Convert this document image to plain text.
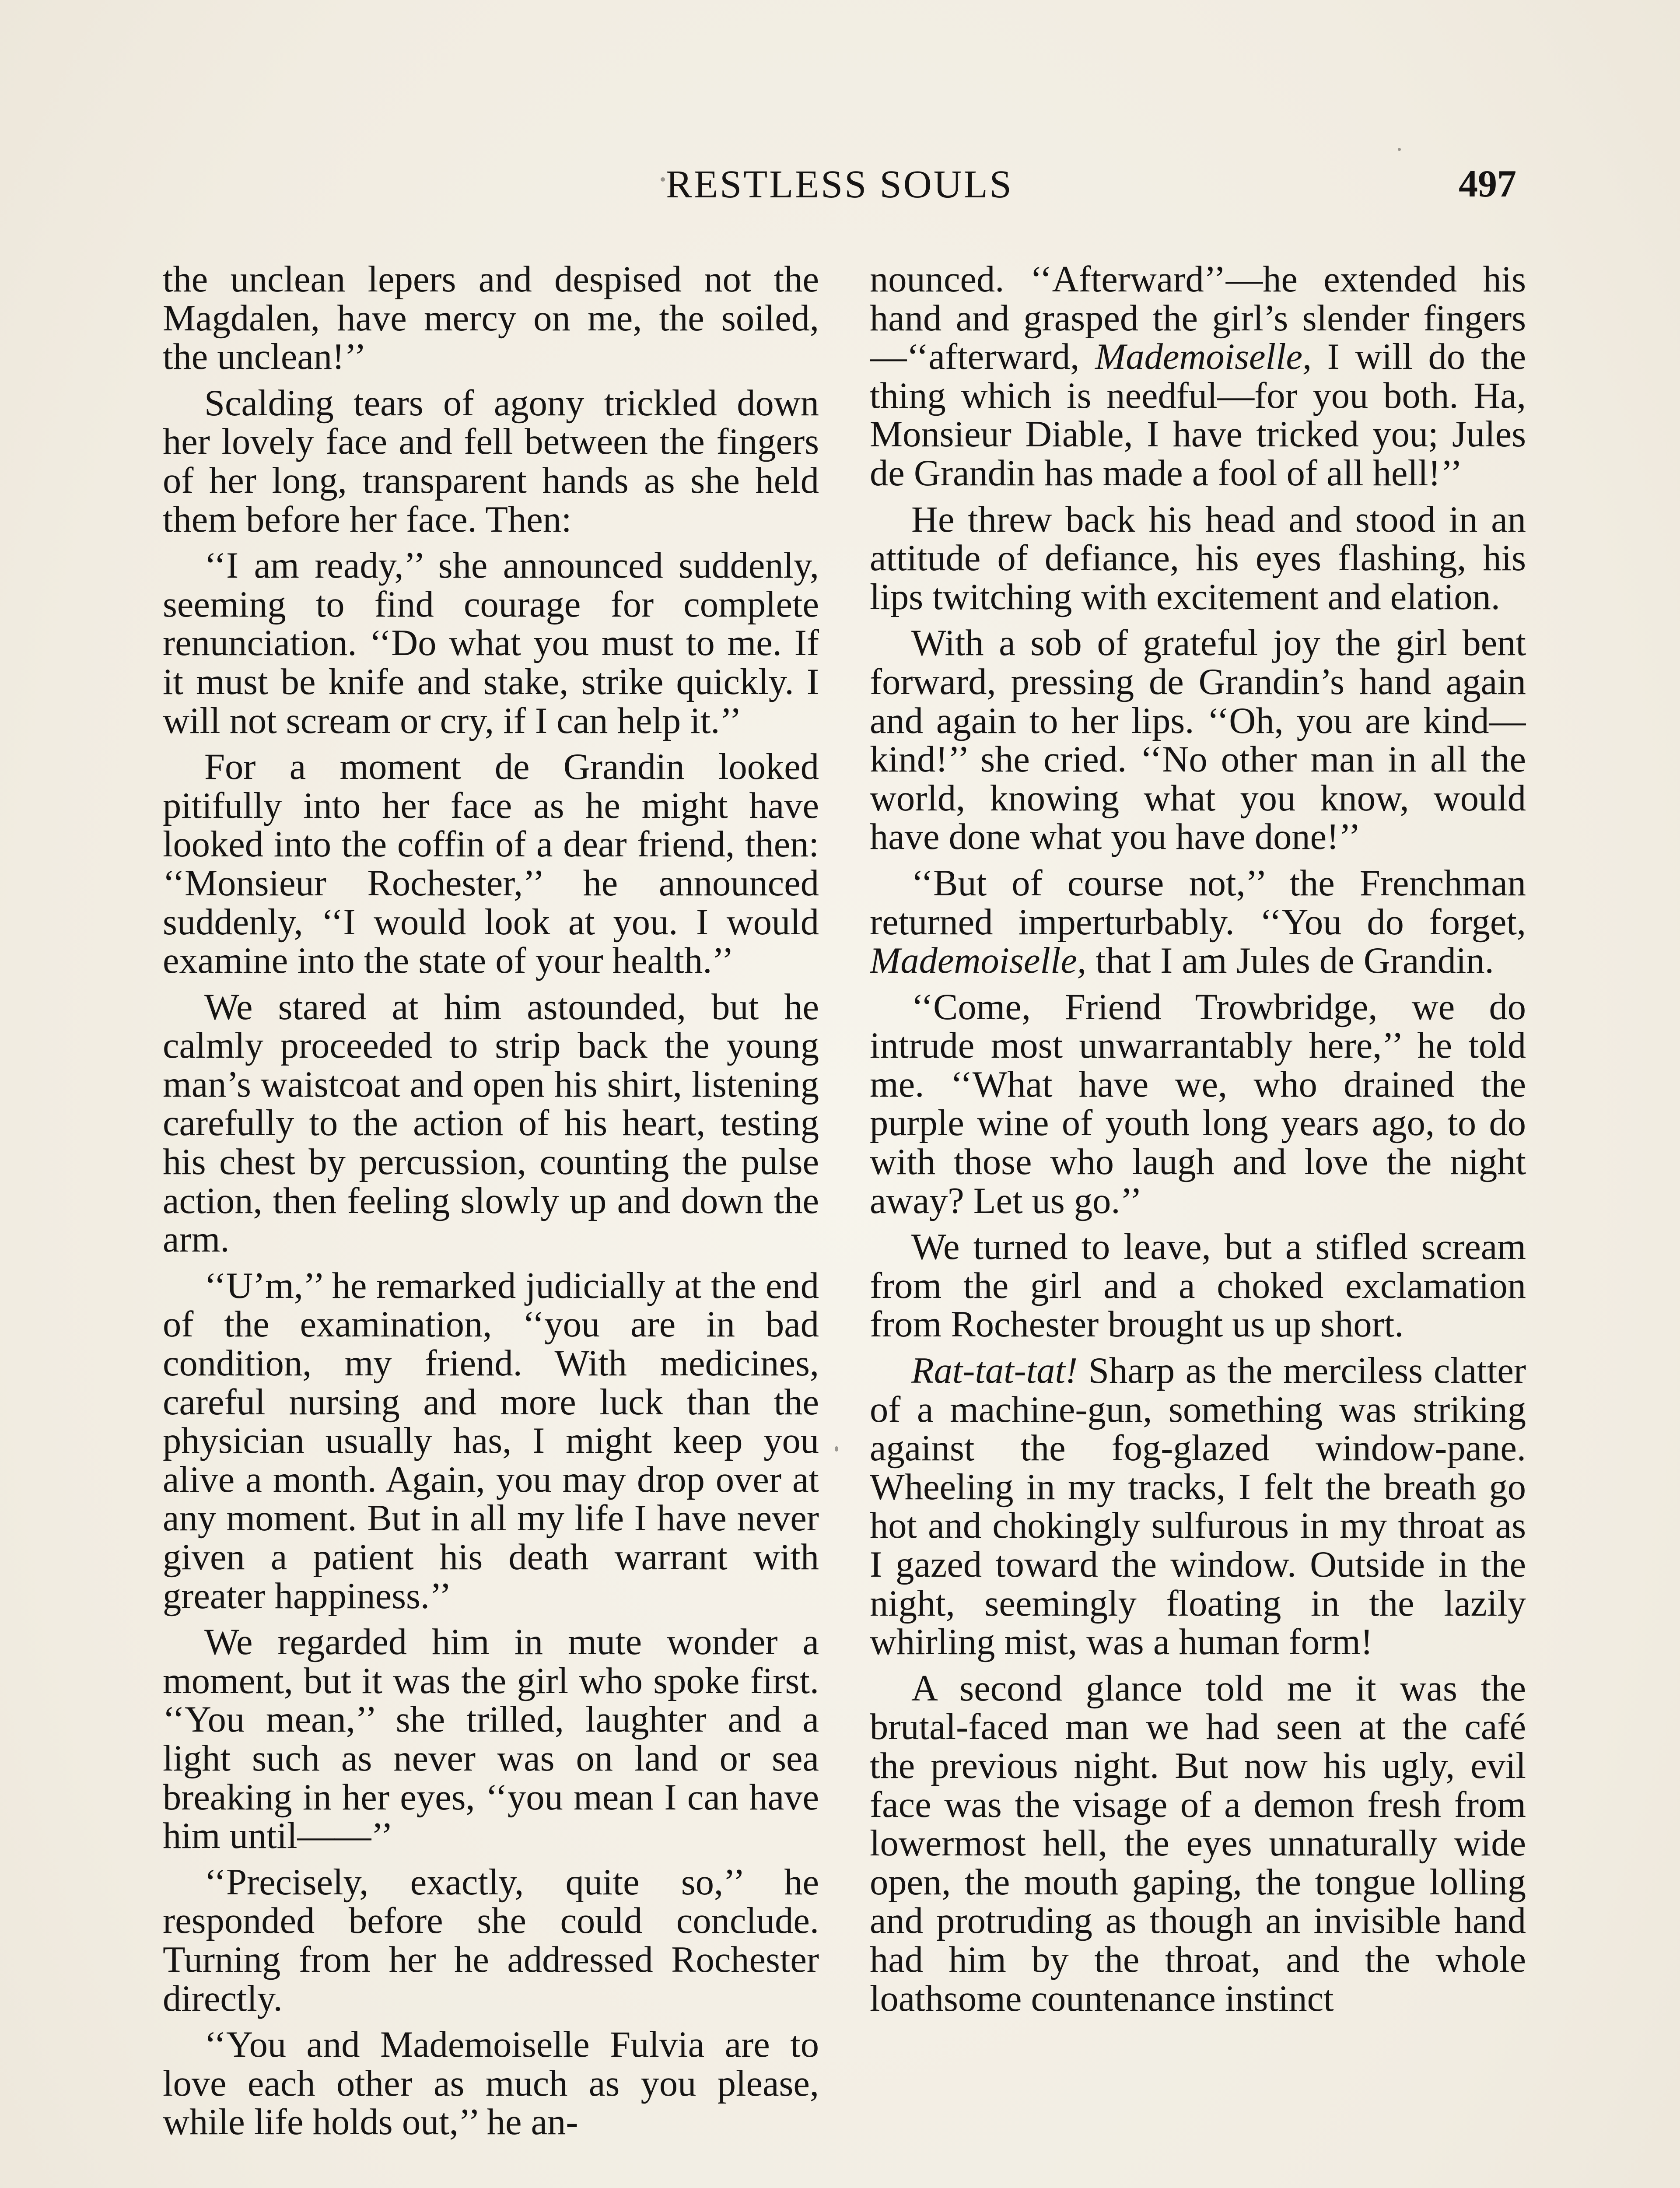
RESTLESS SOULS	497

the unclean lepers and despised not the Magdalen, have mercy on me, the soiled, the unclean!’’

Scalding tears of agony trickled down her lovely face and fell between the fingers of her long, transparent hands as she held them before her face. Then:

‘‘I am ready,’’ she announced suddenly, seeming to find courage for complete renunciation. ‘‘Do what you must to me. If it must be knife and stake, strike quickly. I will not scream or cry, if I can help it.’’

For a moment de Grandin looked pitifully into her face as he might have looked into the coffin of a dear friend, then: ‘‘Monsieur Rochester,’’ he announced suddenly, ‘‘I would look at you. I would examine into the state of your health.’’

We stared at him astounded, but he calmly proceeded to strip back the young man’s waistcoat and open his shirt, listening carefully to the action of his heart, testing his chest by percussion, counting the pulse action, then feeling slowly up and down the arm.

‘‘U’m,’’ he remarked judicially at the end of the examination, ‘‘you are in bad condition, my friend. With medicines, careful nursing and more luck than the physician usually has, I might keep you alive a month. Again, you may drop over at any moment. But in all my life I have never given a patient his death warrant with greater happiness.’’

We regarded him in mute wonder a moment, but it was the girl who spoke first. ‘‘You mean,’’ she trilled, laughter and a light such as never was on land or sea breaking in her eyes, ‘‘you mean I can have him until——’’

‘‘Precisely, exactly, quite so,’’ he responded before she could conclude. Turning from her he addressed Rochester directly.

‘‘You and Mademoiselle Fulvia are to love each other as much as you please, while life holds out,’’ he an-

nounced. ‘‘Afterward’’—he extended his hand and grasped the girl’s slender fingers—‘‘afterward, Mademoiselle, I will do the thing which is needful—for you both. Ha, Monsieur Diable, I have tricked you; Jules de Grandin has made a fool of all hell!’’

He threw back his head and stood in an attitude of defiance, his eyes flashing, his lips twitching with excitement and elation.

With a sob of grateful joy the girl bent forward, pressing de Grandin’s hand again and again to her lips. ‘‘Oh, you are kind—kind!’’ she cried. ‘‘No other man in all the world, knowing what you know, would have done what you have done!’’

‘‘But of course not,’’ the Frenchman returned imperturbably. ‘‘You do forget, Mademoiselle, that I am Jules de Grandin.

‘‘Come, Friend Trowbridge, we do intrude most unwarrantably here,’’ he told me. ‘‘What have we, who drained the purple wine of youth long years ago, to do with those who laugh and love the night away? Let us go.’’

We turned to leave, but a stifled scream from the girl and a choked exclamation from Rochester brought us up short.

Rat-tat-tat! Sharp as the merciless clatter of a machine-gun, something was striking against the fog-glazed window-pane. Wheeling in my tracks, I felt the breath go hot and chokingly sulfurous in my throat as I gazed toward the window. Outside in the night, seemingly floating in the lazily whirling mist, was a human form!

A second glance told me it was the brutal-faced man we had seen at the café the previous night. But now his ugly, evil face was the visage of a demon fresh from lowermost hell, the eyes unnaturally wide open, the mouth gaping, the tongue lolling and protruding as though an invisible hand had him by the throat, and the whole loathsome countenance instinct
